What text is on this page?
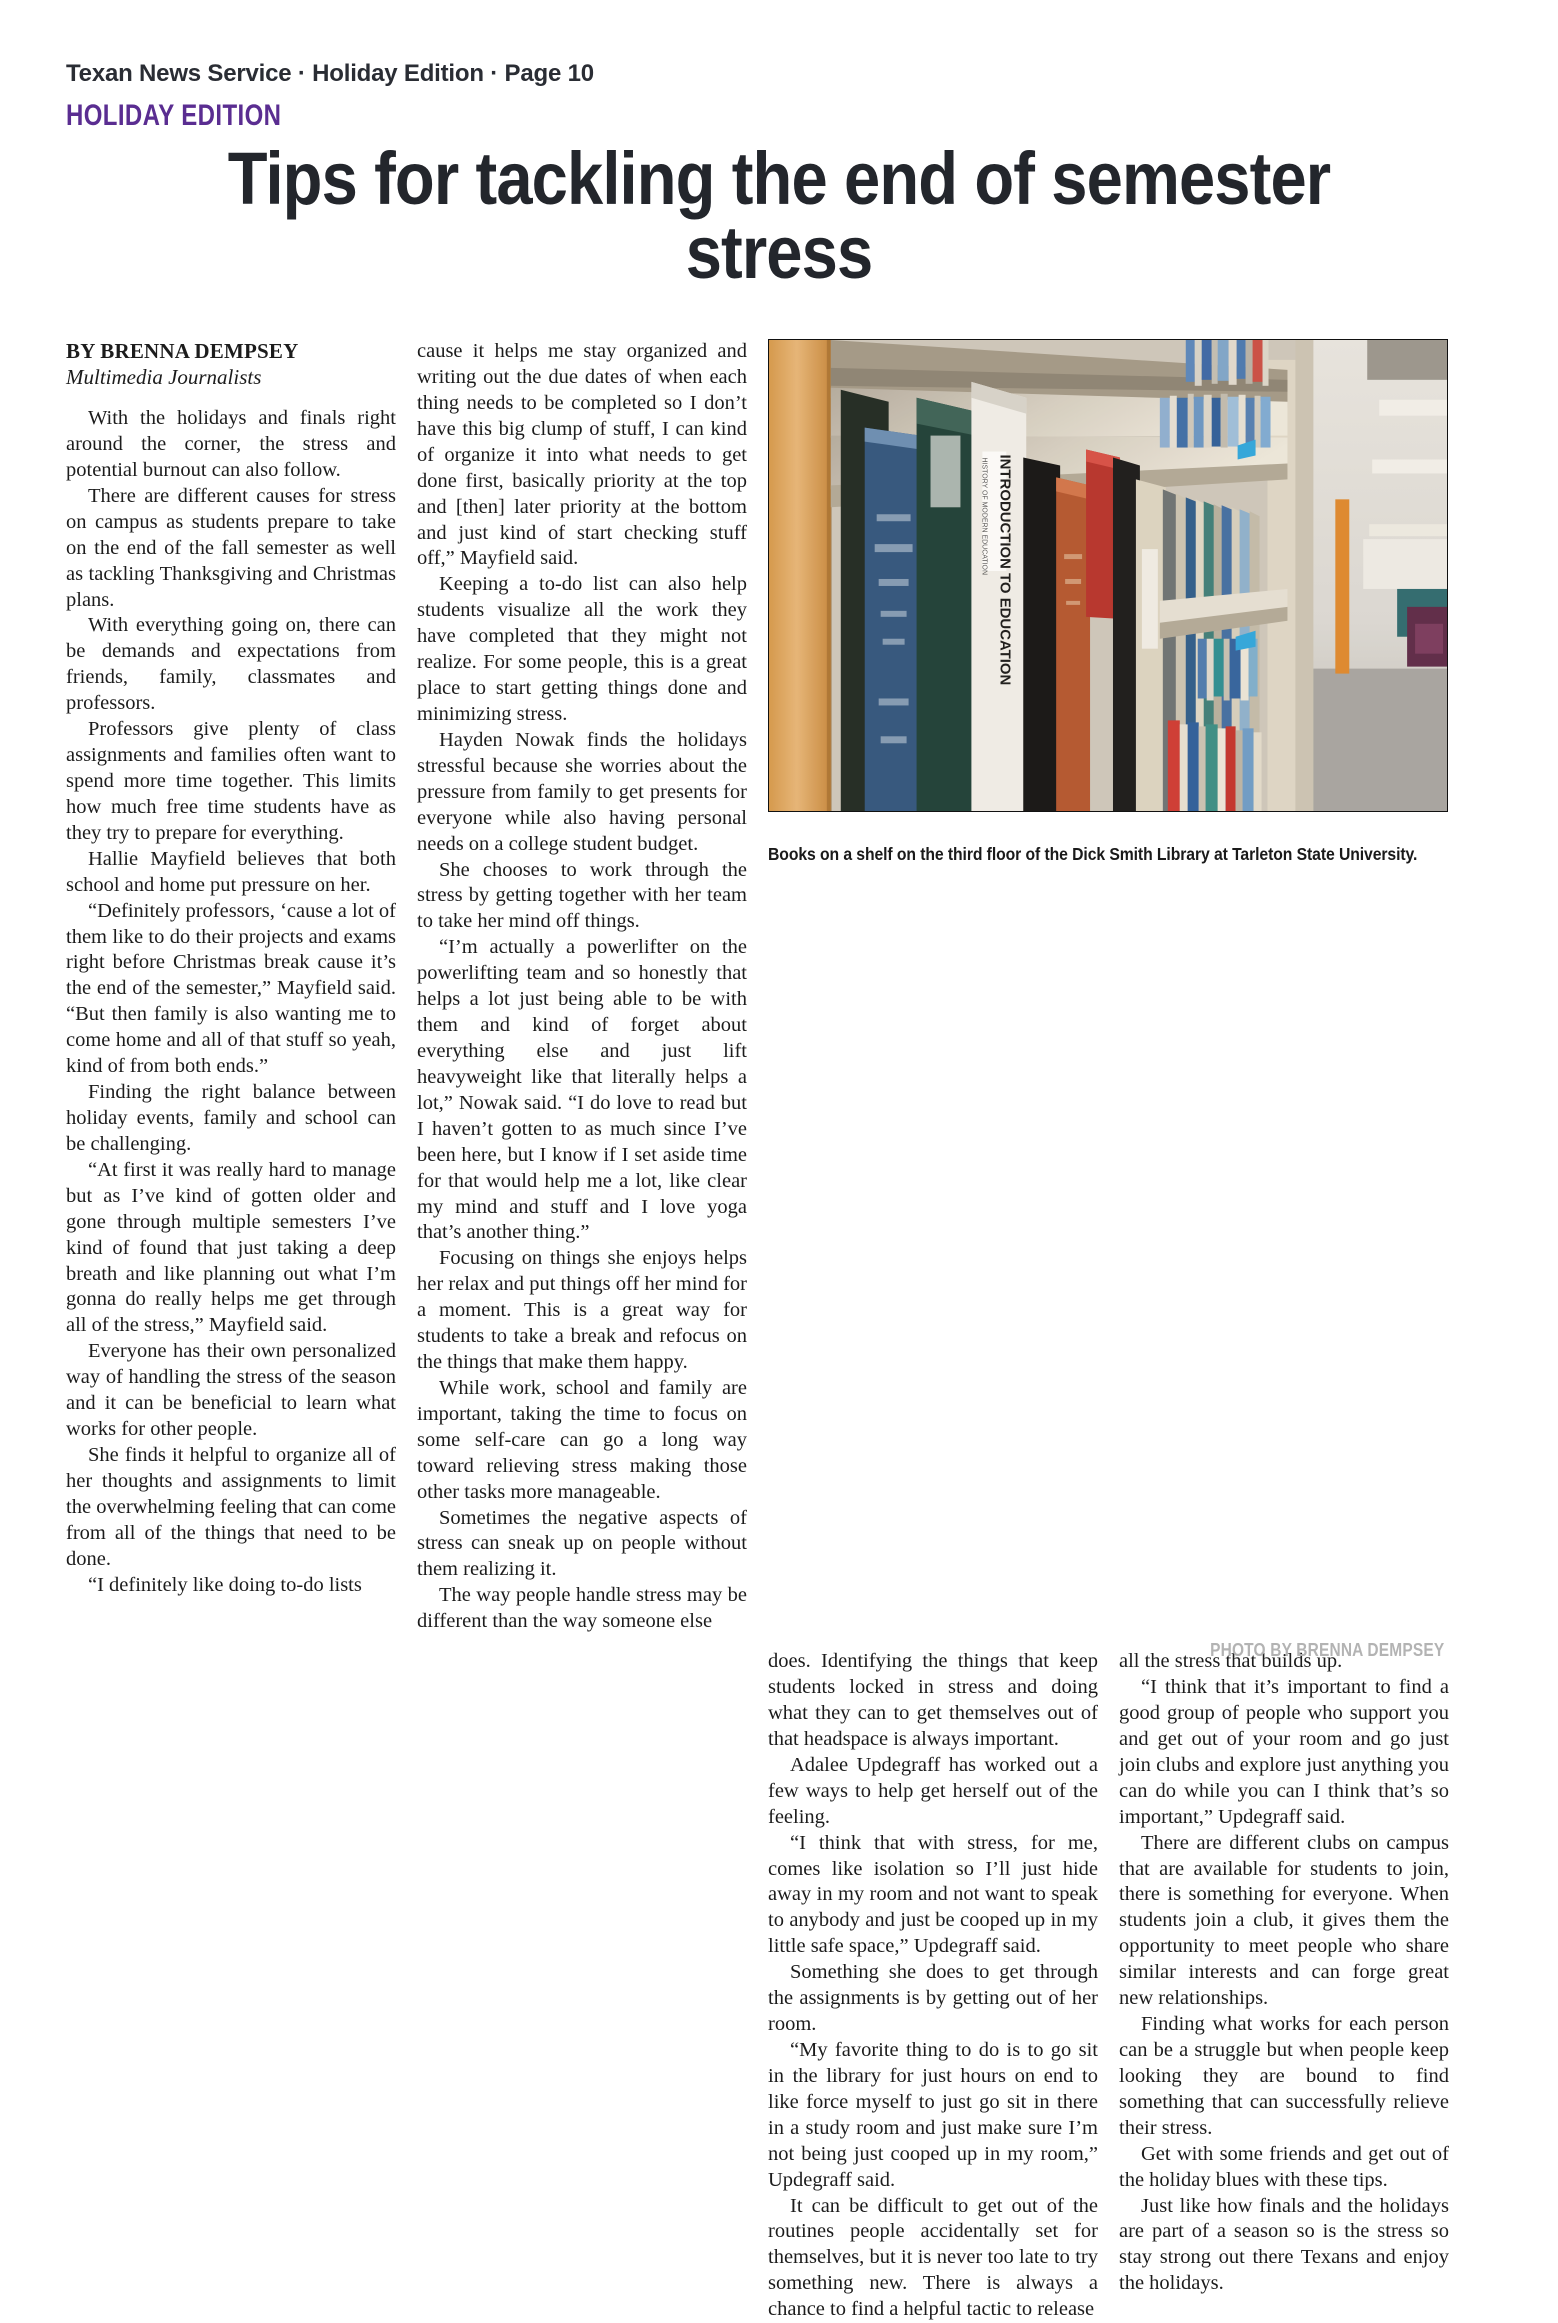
Texan News Service · Holiday Edition · Page 10
HOLIDAY EDITION
Tips for tackling the end of semester stress
BY BRENNA DEMPSEY
Multimedia Journalists

With the holidays and finals right around the corner, the stress and potential burnout can also follow.

There are different causes for stress on campus as students prepare to take on the end of the fall semester as well as tackling Thanksgiving and Christmas plans.

With everything going on, there can be demands and expectations from friends, family, classmates and professors.

Professors give plenty of class assignments and families often want to spend more time together. This limits how much free time students have as they try to prepare for everything.

Hallie Mayfield believes that both school and home put pressure on her.

“Definitely professors, ‘cause a lot of them like to do their projects and exams right before Christmas break cause it’s the end of the semester,” Mayfield said. “But then family is also wanting me to come home and all of that stuff so yeah, kind of from both ends.”

Finding the right balance between holiday events, family and school can be challenging.

“At first it was really hard to manage but as I’ve kind of gotten older and gone through multiple semesters I’ve kind of found that just taking a deep breath and like planning out what I’m gonna do really helps me get through all of the stress,” Mayfield said.

Everyone has their own personalized way of handling the stress of the season and it can be beneficial to learn what works for other people.

She finds it helpful to organize all of her thoughts and assignments to limit the overwhelming feeling that can come from all of the things that need to be done.

“I definitely like doing to-do lists

cause it helps me stay organized and writing out the due dates of when each thing needs to be completed so I don’t have this big clump of stuff, I can kind of organize it into what needs to get done first, basically priority at the top and [then] later priority at the bottom and just kind of start checking stuff off,” Mayfield said.

Keeping a to-do list can also help students visualize all the work they have completed that they might not realize. For some people, this is a great place to start getting things done and minimizing stress.

Hayden Nowak finds the holidays stressful because she worries about the pressure from family to get presents for everyone while also having personal needs on a college student budget.

She chooses to work through the stress by getting together with her team to take her mind off things.

“I’m actually a powerlifter on the powerlifting team and so honestly that helps a lot just being able to be with them and kind of forget about everything else and just lift heavyweight like that literally helps a lot,” Nowak said. “I do love to read but I haven’t gotten to as much since I’ve been here, but I know if I set aside time for that would help me a lot, like clear my mind and stuff and I love yoga that’s another thing.”

Focusing on things she enjoys helps her relax and put things off her mind for a moment. This is a great way for students to take a break and refocus on the things that make them happy.

While work, school and family are important, taking the time to focus on some self-care can go a long way toward relieving stress making those other tasks more manageable.

Sometimes the negative aspects of stress can sneak up on people without them realizing it.

The way people handle stress may be different than the way someone else

INTRODUCTION TO EDUCATION
HISTORY OF MODERN EDUCATION
PHOTO BY BRENNA DEMPSEY
Books on a shelf on the third floor of the Dick Smith Library at Tarleton State University.

does. Identifying the things that keep students locked in stress and doing what they can to get themselves out of that headspace is always important.

Adalee Updegraff has worked out a few ways to help get herself out of the feeling.

“I think that with stress, for me, comes like isolation so I’ll just hide away in my room and not want to speak to anybody and just be cooped up in my little safe space,” Updegraff said.

Something she does to get through the assignments is by getting out of her room.

“My favorite thing to do is to go sit in the library for just hours on end to like force myself to just go sit in there in a study room and just make sure I’m not being just cooped up in my room,” Updegraff said.

It can be difficult to get out of the routines people accidentally set for themselves, but it is never too late to try something new. There is always a chance to find a helpful tactic to release

all the stress that builds up.

“I think that it’s important to find a good group of people who support you and get out of your room and go just join clubs and explore just anything you can do while you can I think that’s so important,” Updegraff said.

There are different clubs on campus that are available for students to join, there is something for everyone. When students join a club, it gives them the opportunity to meet people who share similar interests and can forge great new relationships.

Finding what works for each person can be a struggle but when people keep looking they are bound to find something that can successfully relieve their stress.

Get with some friends and get out of the holiday blues with these tips.

Just like how finals and the holidays are part of a season so is the stress so stay strong out there Texans and enjoy the holidays.
